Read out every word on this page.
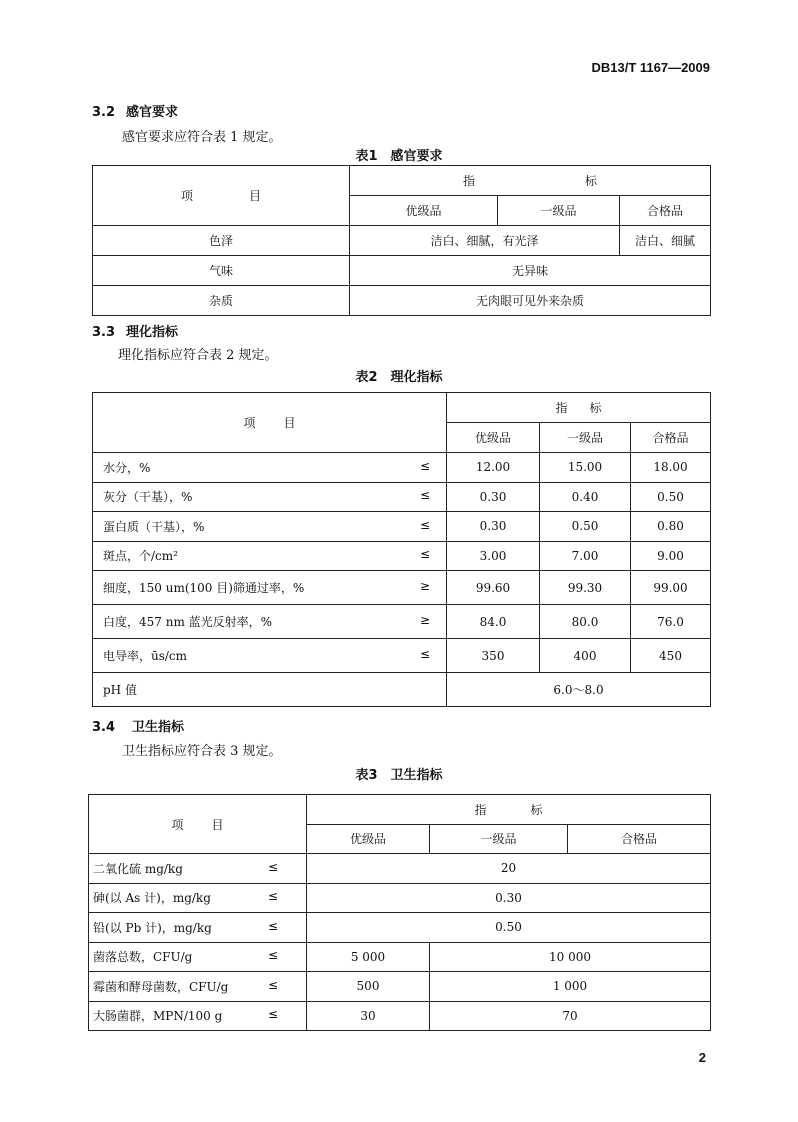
DB13/T 1167—2009
3.2 感官要求
感官要求应符合表 1 规定。
表1　感官要求
项 目	指 标		
	优级品	一级品	合格品
色泽	洁白、细腻，有光泽		洁白、细腻
气味	无异味		
杂质	无肉眼可见外来杂质		
3.3 理化指标
理化指标应符合表 2 规定。
表2　理化指标
项 目	指 标		
	优级品	一级品	合格品

水分，% ≤	12.00	15.00	18.00

灰分（干基），% ≤	0.30	0.40	0.50

蛋白质（干基），% ≤	0.30	0.50	0.80

斑点，个/cm² ≤	3.00	7.00	9.00

细度，150 um(100 目)筛通过率，% ≥	99.60	99.30	99.00

白度，457 nm 蓝光反射率，% ≥	84.0	80.0	76.0

电导率，ūs/cm ≤	350	400	450
pH 值	6.0～8.0		
3.4 卫生指标
卫生指标应符合表 3 规定。
表3　卫生指标
项 目	指 标		
	优级品	一级品	合格品

二氧化硫 mg/kg ≤	20		

砷(以 As 计)，mg/kg ≤	0.30		

铅(以 Pb 计)，mg/kg ≤	0.50		

菌落总数，CFU/g ≤	5 000	10 000	

霉菌和酵母菌数，CFU/g ≤	500	1 000	

大肠菌群，MPN/100 g ≤	30	70	
2
